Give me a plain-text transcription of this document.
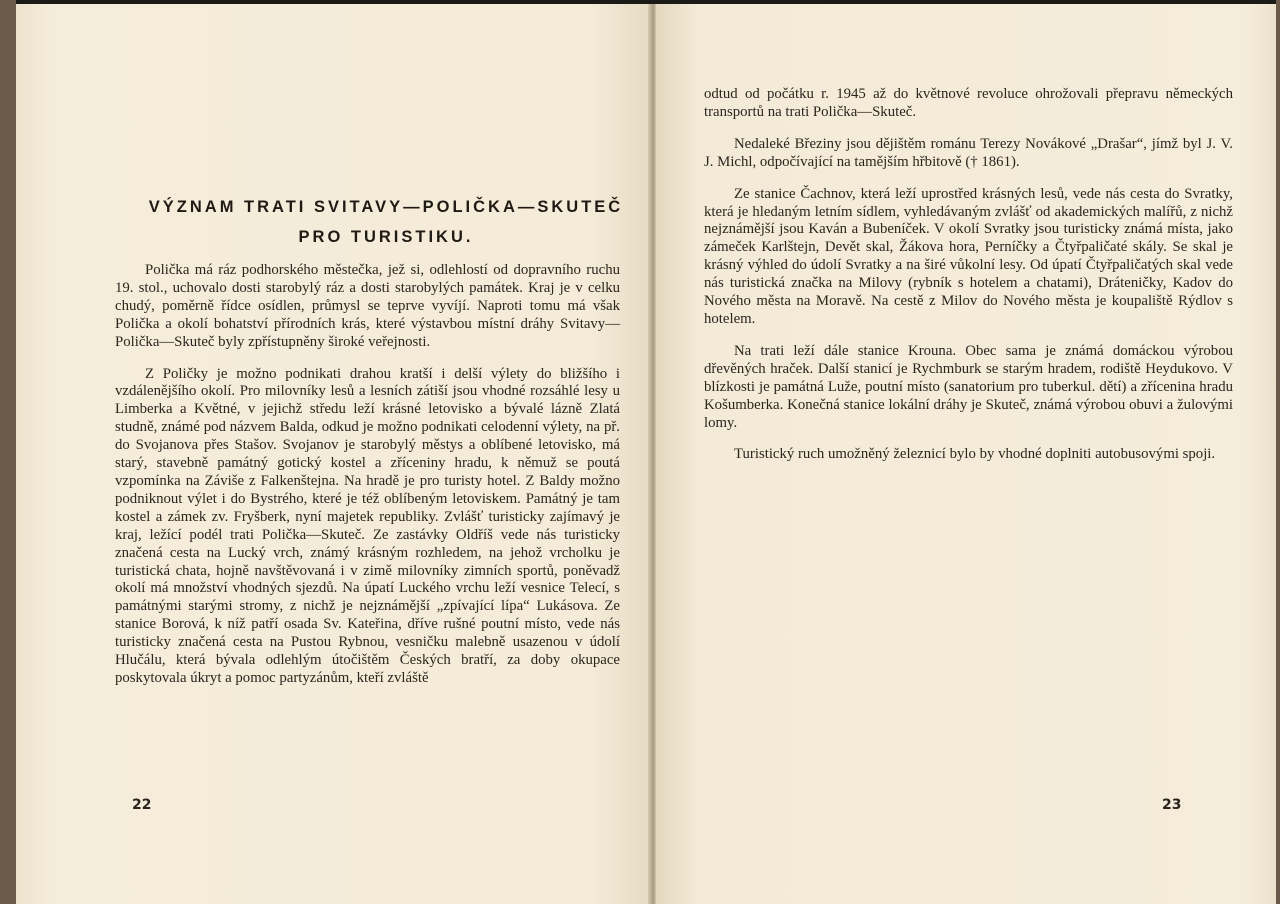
VÝZNAM TRATI SVITAVY—POLIČKA—SKUTEČ
PRO TURISTIKU.

Polička má ráz podhorského městečka, jež si, odlehlostí od dopravního ruchu 19. stol., uchovalo dosti starobylý ráz a dosti starobylých památek. Kraj je v celku chudý, poměrně řídce osídlen, průmysl se teprve vyvíjí. Naproti tomu má však Polička a okolí bohatství přírodních krás, které výstavbou místní dráhy Svitavy—Polička—Skuteč byly zpřístupněny široké veřejnosti.

Z Poličky je možno podnikati drahou kratší i delší výlety do bližšího i vzdálenějšího okolí. Pro milovníky lesů a lesních zátiší jsou vhodné rozsáhlé lesy u Limberka a Květné, v jejichž středu leží krásné letovisko a bývalé lázně Zlatá studně, známé pod názvem Balda, odkud je možno podnikati celodenní výlety, na př. do Svojanova přes Stašov. Svojanov je starobylý městys a oblíbené letovisko, má starý, stavebně památný gotický kostel a zříceniny hradu, k němuž se poutá vzpomínka na Záviše z Falkenštejna. Na hradě je pro turisty hotel. Z Baldy možno podniknout výlet i do Bystrého, které je též oblíbeným letoviskem. Památný je tam kostel a zámek zv. Fryšberk, nyní majetek republiky. Zvlášť turisticky zajímavý je kraj, ležící podél trati Polička—Skuteč. Ze zastávky Oldříš vede nás turisticky značená cesta na Lucký vrch, známý krásným rozhledem, na jehož vrcholku je turistická chata, hojně navštěvovaná i v zimě milovníky zimních sportů, poněvadž okolí má množství vhodných sjezdů. Na úpatí Luckého vrchu leží vesnice Telecí, s památnými starými stromy, z nichž je nejznámější „zpívající lípa“ Lukásova. Ze stanice Borová, k níž patří osada Sv. Kateřina, dříve rušné poutní místo, vede nás turisticky značená cesta na Pustou Rybnou, vesničku malebně usazenou v údolí Hlučálu, která bývala odlehlým útočištěm Českých bratří, za doby okupace poskytovala úkryt a pomoc partyzánům, kteří zvláště

22

odtud od počátku r. 1945 až do květnové revoluce ohrožovali přepravu německých transportů na trati Polička—Skuteč.

Nedaleké Březiny jsou dějištěm románu Terezy Novákové „Drašar“, jímž byl J. V. J. Michl, odpočívající na tamějším hřbitově († 1861).

Ze stanice Čachnov, která leží uprostřed krásných lesů, vede nás cesta do Svratky, která je hledaným letním sídlem, vyhledávaným zvlášť od akademických malířů, z nichž nejznámější jsou Kaván a Bubeníček. V okolí Svratky jsou turisticky známá místa, jako zámeček Karlštejn, Devět skal, Žákova hora, Perníčky a Čtyřpaličaté skály. Se skal je krásný výhled do údolí Svratky a na širé vůkolní lesy. Od úpatí Čtyřpaličatých skal vede nás turistická značka na Milovy (rybník s hotelem a chatami), Dráteničky, Kadov do Nového města na Moravě. Na cestě z Milov do Nového města je koupaliště Rýdlov s hotelem.

Na trati leží dále stanice Krouna. Obec sama je známá domáckou výrobou dřevěných hraček. Další stanicí je Rychmburk se starým hradem, rodiště Heydukovo. V blízkosti je památná Luže, poutní místo (sanatorium pro tuberkul. dětí) a zřícenina hradu Košumberka. Konečná stanice lokální dráhy je Skuteč, známá výrobou obuvi a žulovými lomy.

Turistický ruch umožněný železnicí bylo by vhodné doplniti autobusovými spoji.

23
